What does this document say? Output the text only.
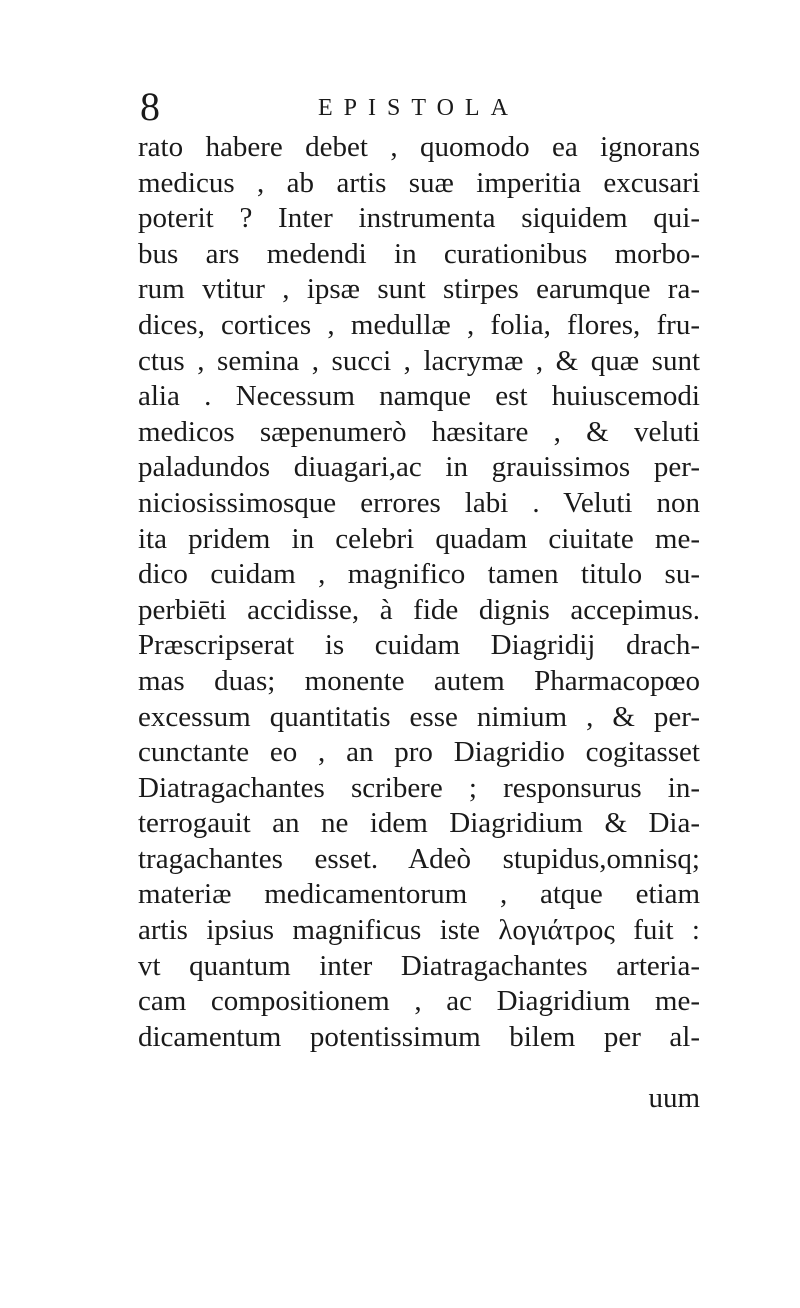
8	EPISTOLA
rato habere debet , quomodo ea ignorans
medicus , ab artis suæ imperitia excusari
poterit ? Inter instrumenta siquidem qui-
bus ars medendi in curationibus morbo-
rum vtitur , ipsæ sunt stirpes earumque ra-
dices, cortices , medullæ , folia, flores, fru-
ctus , semina , succi , lacrymæ , & quæ sunt
alia . Necessum namque est huiuscemodi
medicos sæpenumerò hæsitare , & veluti
paladundos diuagari,ac in grauissimos per-
niciosissimosque errores labi . Veluti non
ita pridem in celebri quadam ciuitate me-
dico cuidam , magnifico tamen titulo su-
perbiēti accidisse, à fide dignis accepimus.
Præscripserat is cuidam Diagridij drach-
mas duas; monente autem Pharmacopœo
excessum quantitatis esse nimium , & per-
cunctante eo , an pro Diagridio cogitasset
Diatragachantes scribere ; responsurus in-
terrogauit an ne idem Diagridium & Dia-
tragachantes esset. Adeò stupidus,omnisq;
materiæ medicamentorum , atque etiam
artis ipsius magnificus iste λογιάτρος fuit :
vt quantum inter Diatragachantes arteria-
cam compositionem , ac Diagridium me-
dicamentum potentissimum bilem per al-
uum
